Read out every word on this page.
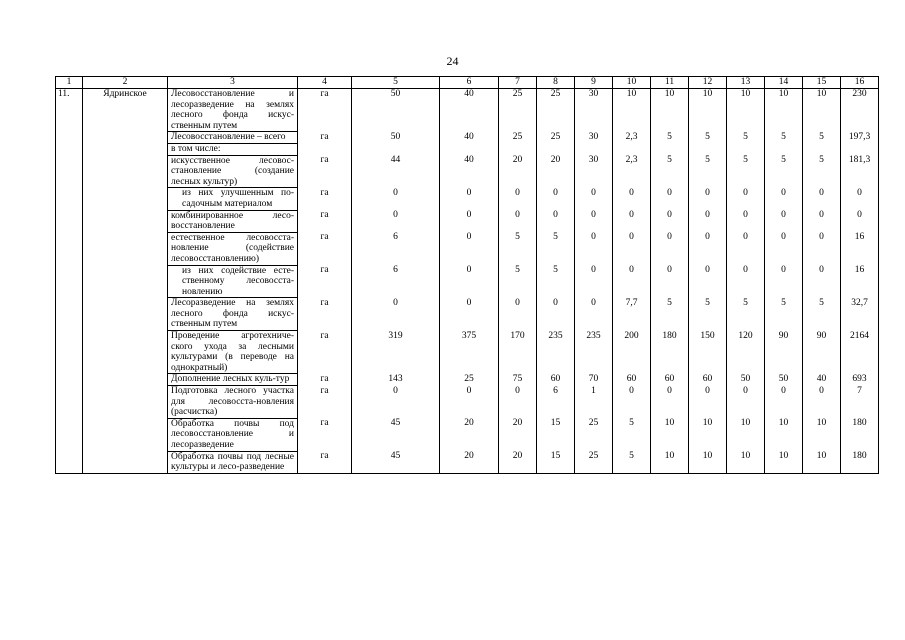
24
1	2	3	4	5	6	7	8	9	10	11	12	13	14	15	16
11.	Ядринское	Лесовосстановление и лесоразведение на землях лесного фонда искус-ственным путем	га	50	40	25	25	30	10	10	10	10	10	10	230
		Лесовосстановление – всего	га	50	40	25	25	30	2,3	5	5	5	5	5	197,3
		в том числе:													
		искусственное лесовос-становление (создание лесных культур)	га	44	40	20	20	30	2,3	5	5	5	5	5	181,3
		из них улучшенным по-садочным материалом	га	0	0	0	0	0	0	0	0	0	0	0	0
		комбинированное лесо-восстановление	га	0	0	0	0	0	0	0	0	0	0	0	0
		естественное лесовосста-новление (содействие лесовосстановлению)	га	6	0	5	5	0	0	0	0	0	0	0	16
		из них содействие есте-ственному лесовосста-новлению	га	6	0	5	5	0	0	0	0	0	0	0	16
		Лесоразведение на землях лесного фонда искус-ственным путем	га	0	0	0	0	0	7,7	5	5	5	5	5	32,7
		Проведение агротехниче-ского ухода за лесными культурами (в переводе на однократный)	га	319	375	170	235	235	200	180	150	120	90	90	2164
		Дополнение лесных куль-тур	га	143	25	75	60	70	60	60	60	50	50	40	693
		Подготовка лесного участка для лесовосста-новления (расчистка)	га	0	0	0	6	1	0	0	0	0	0	0	7
		Обработка почвы под лесовосстановление и лесоразведение	га	45	20	20	15	25	5	10	10	10	10	10	180
		Обработка почвы под лесные культуры и лесо-разведение	га	45	20	20	15	25	5	10	10	10	10	10	180
